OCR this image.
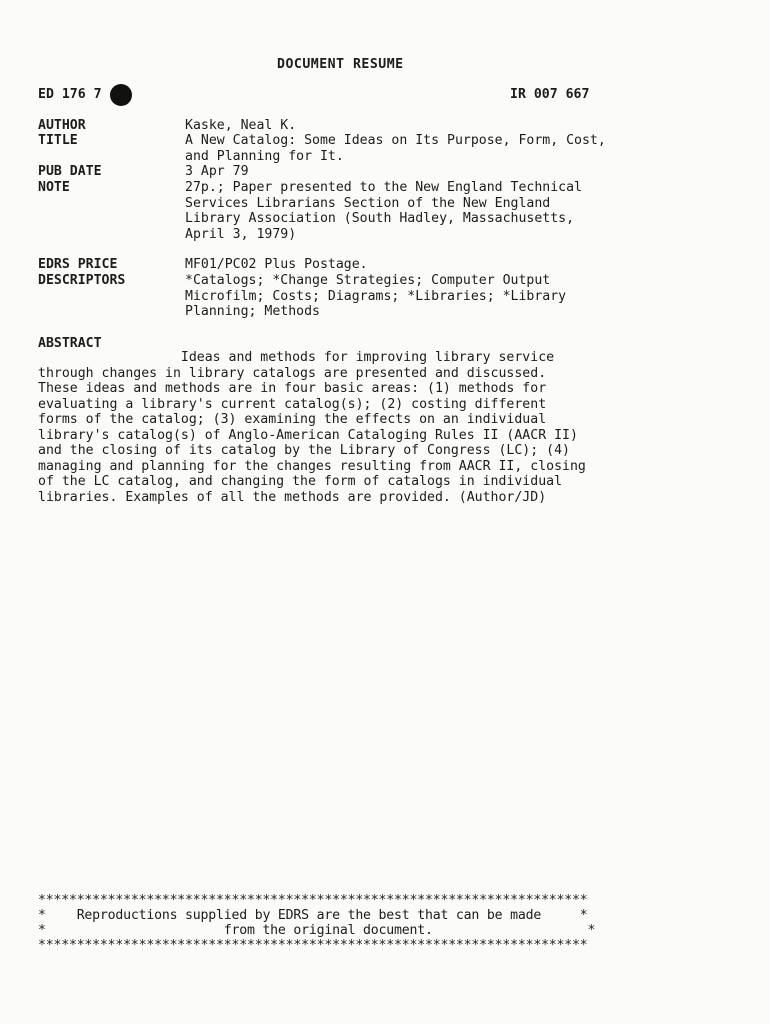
DOCUMENT RESUME
ED 176 7	IR 007 667
AUTHOR	Kaske, Neal K.
TITLE	A New Catalog: Some Ideas on Its Purpose, Form, Cost,
and Planning for It.
PUB DATE	3 Apr 79
NOTE	27p.; Paper presented to the New England Technical
Services Librarians Section of the New England
Library Association (South Hadley, Massachusetts,
April 3, 1979)
EDRS PRICE	MF01/PC02 Plus Postage.
DESCRIPTORS	*Catalogs; *Change Strategies; Computer Output
Microfilm; Costs; Diagrams; *Libraries; *Library
Planning; Methods
ABSTRACT
Ideas and methods for improving library service
through changes in library catalogs are presented and discussed.
These ideas and methods are in four basic areas: (1) methods for
evaluating a library's current catalog(s); (2) costing different
forms of the catalog; (3) examining the effects on an individual
library's catalog(s) of Anglo-American Cataloging Rules II (AACR II)
and the closing of its catalog by the Library of Congress (LC); (4)
managing and planning for the changes resulting from AACR II, closing
of the LC catalog, and changing the form of catalogs in individual
libraries. Examples of all the methods are provided. (Author/JD)
***********************************************************************
*    Reproductions supplied by EDRS are the best that can be made     *
*                       from the original document.                    *
***********************************************************************
